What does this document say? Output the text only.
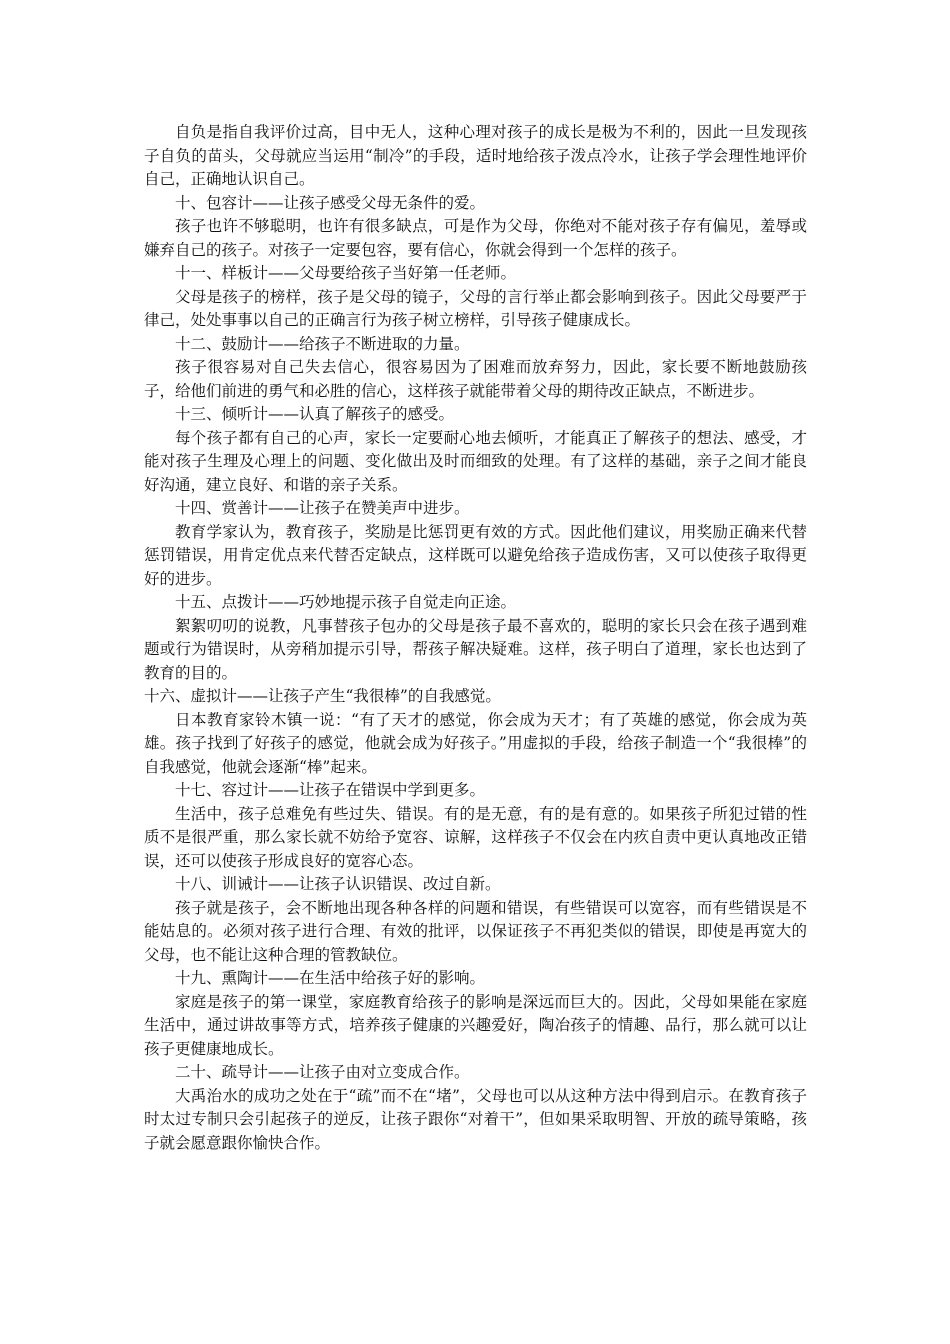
自负是指自我评价过高，目中无人，这种心理对孩子的成长是极为不利的，因此一旦发现孩子自负的苗头，父母就应当运用“制冷”的手段，适时地给孩子泼点冷水，让孩子学会理性地评价自己，正确地认识自己。

十、包容计——让孩子感受父母无条件的爱。

孩子也许不够聪明，也许有很多缺点，可是作为父母，你绝对不能对孩子存有偏见，羞辱或嫌弃自己的孩子。对孩子一定要包容，要有信心，你就会得到一个怎样的孩子。

十一、样板计——父母要给孩子当好第一任老师。

父母是孩子的榜样，孩子是父母的镜子，父母的言行举止都会影响到孩子。因此父母要严于律己，处处事事以自己的正确言行为孩子树立榜样，引导孩子健康成长。

十二、鼓励计——给孩子不断进取的力量。

孩子很容易对自己失去信心，很容易因为了困难而放弃努力，因此，家长要不断地鼓励孩子，给他们前进的勇气和必胜的信心，这样孩子就能带着父母的期待改正缺点，不断进步。

十三、倾听计——认真了解孩子的感受。

每个孩子都有自己的心声，家长一定要耐心地去倾听，才能真正了解孩子的想法、感受，才能对孩子生理及心理上的问题、变化做出及时而细致的处理。有了这样的基础，亲子之间才能良好沟通，建立良好、和谐的亲子关系。

十四、赏善计——让孩子在赞美声中进步。

教育学家认为，教育孩子，奖励是比惩罚更有效的方式。因此他们建议，用奖励正确来代替惩罚错误，用肯定优点来代替否定缺点，这样既可以避免给孩子造成伤害，又可以使孩子取得更好的进步。

十五、点拨计——巧妙地提示孩子自觉走向正途。

絮絮叨叨的说教，凡事替孩子包办的父母是孩子最不喜欢的，聪明的家长只会在孩子遇到难题或行为错误时，从旁稍加提示引导，帮孩子解决疑难。这样，孩子明白了道理，家长也达到了教育的目的。

十六、虚拟计——让孩子产生“我很棒”的自我感觉。

日本教育家铃木镇一说：“有了天才的感觉，你会成为天才；有了英雄的感觉，你会成为英雄。孩子找到了好孩子的感觉，他就会成为好孩子。”用虚拟的手段，给孩子制造一个“我很棒”的自我感觉，他就会逐渐“棒”起来。

十七、容过计——让孩子在错误中学到更多。

生活中，孩子总难免有些过失、错误。有的是无意，有的是有意的。如果孩子所犯过错的性质不是很严重，那么家长就不妨给予宽容、谅解，这样孩子不仅会在内疚自责中更认真地改正错误，还可以使孩子形成良好的宽容心态。

十八、训诫计——让孩子认识错误、改过自新。

孩子就是孩子，会不断地出现各种各样的问题和错误，有些错误可以宽容，而有些错误是不能姑息的。必须对孩子进行合理、有效的批评，以保证孩子不再犯类似的错误，即使是再宽大的父母，也不能让这种合理的管教缺位。

十九、熏陶计——在生活中给孩子好的影响。

家庭是孩子的第一课堂，家庭教育给孩子的影响是深远而巨大的。因此，父母如果能在家庭生活中，通过讲故事等方式，培养孩子健康的兴趣爱好，陶冶孩子的情趣、品行，那么就可以让孩子更健康地成长。

二十、疏导计——让孩子由对立变成合作。

大禹治水的成功之处在于“疏”而不在“堵”，父母也可以从这种方法中得到启示。在教育孩子时太过专制只会引起孩子的逆反，让孩子跟你“对着干”，但如果采取明智、开放的疏导策略，孩子就会愿意跟你愉快合作。
